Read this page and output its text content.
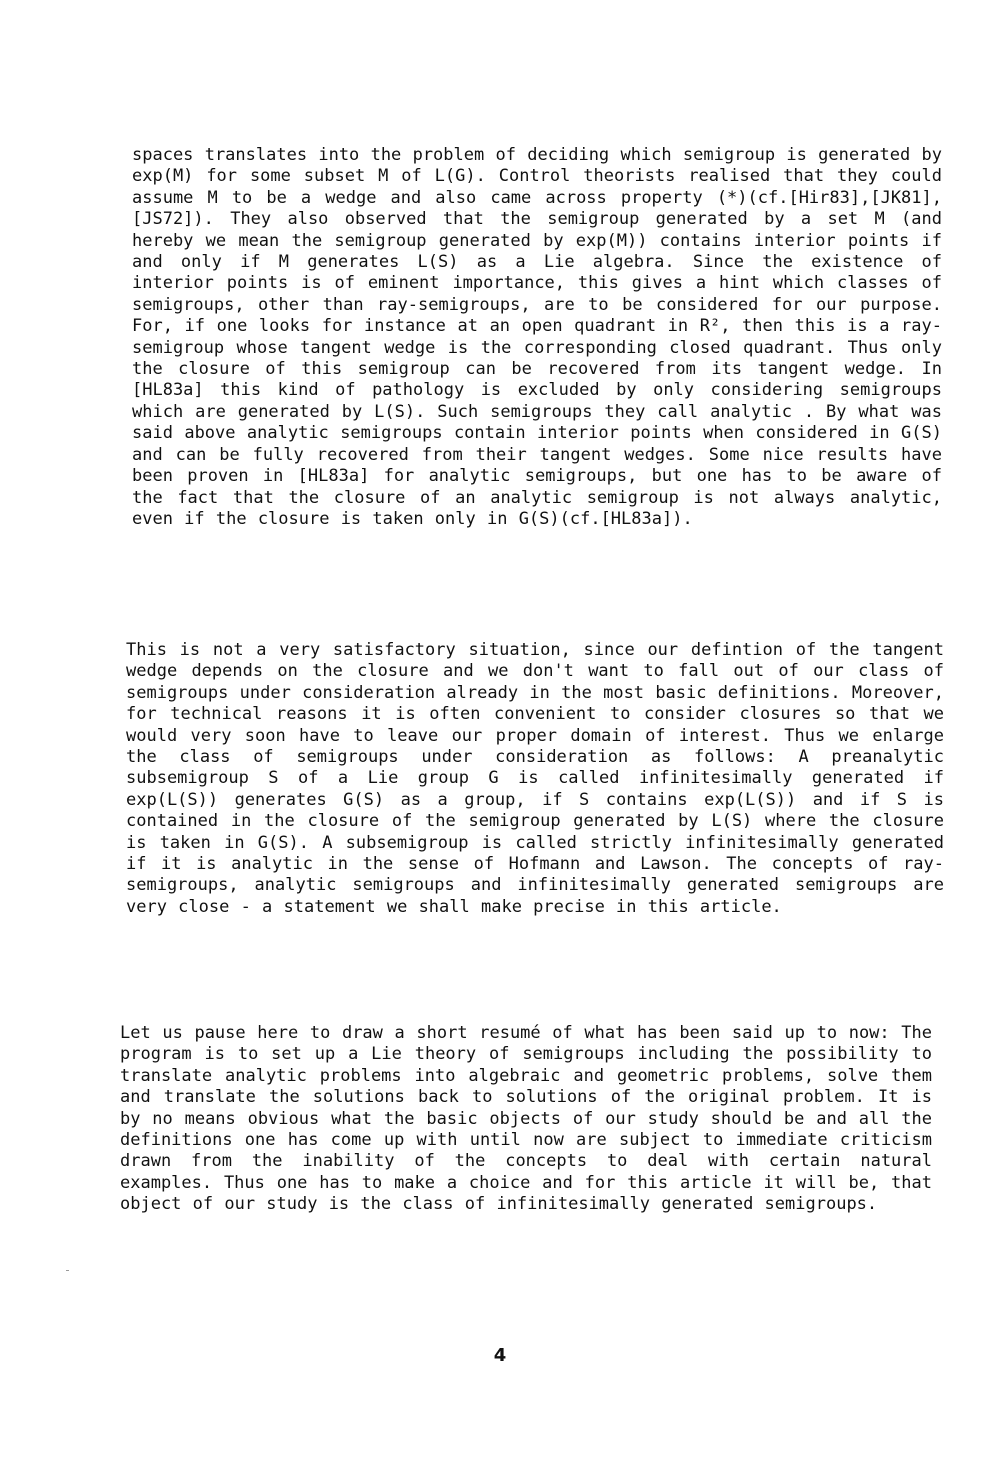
spaces translates into the problem of deciding which semigroup is generated by exp(M) for some subset M of L(G). Control theorists realised that they could assume M to be a wedge and also came across property (*)(cf.[Hir83],[JK81],[JS72]). They also observed that the semigroup generated by a set M (and hereby we mean the semigroup generated by exp(M)) contains interior points if and only if M generates L(S) as a Lie algebra. Since the existence of interior points is of eminent importance, this gives a hint which classes of semigroups, other than ray-semigroups, are to be considered for our purpose. For, if one looks for instance at an open quadrant in R², then this is a ray-semigroup whose tangent wedge is the corresponding closed quadrant. Thus only the closure of this semigroup can be recovered from its tangent wedge. In [HL83a] this kind of pathology is excluded by only considering semigroups which are generated by L(S). Such semigroups they call analytic . By what was said above analytic semigroups contain interior points when considered in G(S) and can be fully recovered from their tangent wedges. Some nice results have been proven in [HL83a] for analytic semigroups, but one has to be aware of the fact that the closure of an analytic semigroup is not always analytic, even if the closure is taken only in G(S)(cf.[HL83a]).

This is not a very satisfactory situation, since our defintion of the tangent wedge depends on the closure and we don't want to fall out of our class of semigroups under consideration already in the most basic definitions. Moreover, for technical reasons it is often convenient to consider closures so that we would very soon have to leave our proper domain of interest. Thus we enlarge the class of semigroups under consideration as follows: A preanalytic subsemigroup S of a Lie group G is called infinitesimally generated if exp(L(S)) generates G(S) as a group, if S contains exp(L(S)) and if S is contained in the closure of the semigroup generated by L(S) where the closure is taken in G(S). A subsemigroup is called strictly infinitesimally generated if it is analytic in the sense of Hofmann and Lawson. The concepts of ray-semigroups, analytic semigroups and infinitesimally generated semigroups are very close - a statement we shall make precise in this article.

Let us pause here to draw a short resumé of what has been said up to now: The program is to set up a Lie theory of semigroups including the possibility to translate analytic problems into algebraic and geometric problems, solve them and translate the solutions back to solutions of the original problem. It is by no means obvious what the basic objects of our study should be and all the definitions one has come up with until now are subject to immediate criticism drawn from the inability of the concepts to deal with certain natural examples. Thus one has to make a choice and for this article it will be, that object of our study is the class of infinitesimally generated semigroups.

4
